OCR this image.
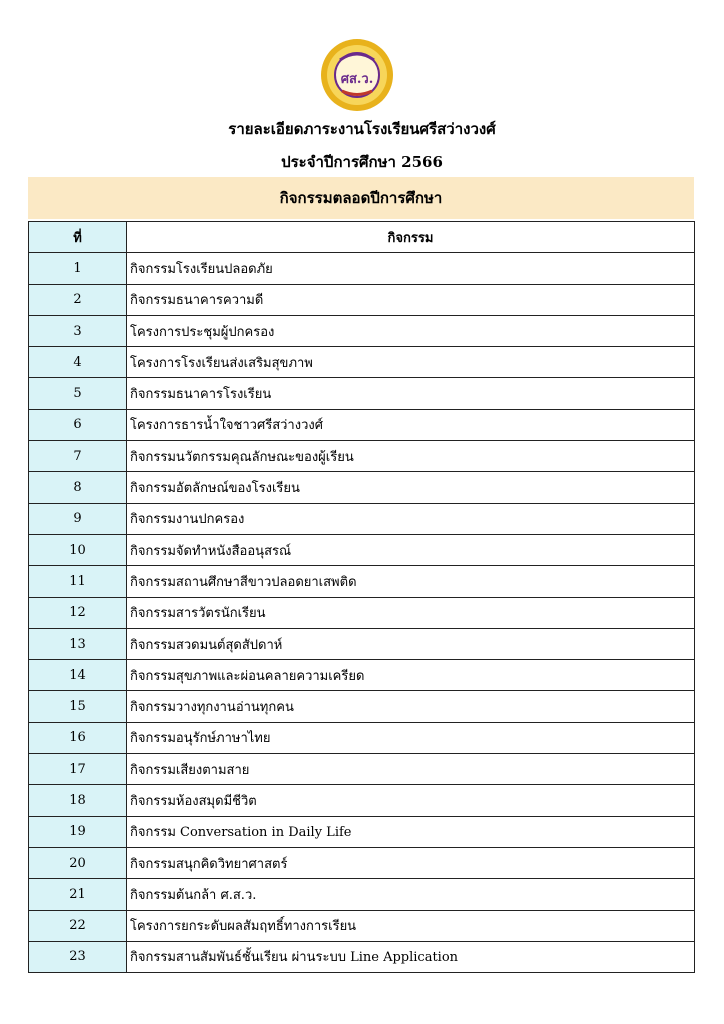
ศส.ว.
รายละเอียดภาระงานโรงเรียนศรีสว่างวงศ์
ประจำปีการศึกษา 2566
กิจกรรมตลอดปีการศึกษา
ที่	กิจกรรม
1	กิจกรรมโรงเรียนปลอดภัย
2	กิจกรรมธนาคารความดี
3	โครงการประชุมผู้ปกครอง
4	โครงการโรงเรียนส่งเสริมสุขภาพ
5	กิจกรรมธนาคารโรงเรียน
6	โครงการธารน้ำใจชาวศรีสว่างวงศ์
7	กิจกรรมนวัตกรรมคุณลักษณะของผู้เรียน
8	กิจกรรมอัตลักษณ์ของโรงเรียน
9	กิจกรรมงานปกครอง
10	กิจกรรมจัดทำหนังสืออนุสรณ์
11	กิจกรรมสถานศึกษาสีขาวปลอดยาเสพติด
12	กิจกรรมสารวัตรนักเรียน
13	กิจกรรมสวดมนต์สุดสัปดาห์
14	กิจกรรมสุขภาพและผ่อนคลายความเครียด
15	กิจกรรมวางทุกงานอ่านทุกคน
16	กิจกรรมอนุรักษ์ภาษาไทย
17	กิจกรรมเสียงตามสาย
18	กิจกรรมห้องสมุดมีชีวิต
19	กิจกรรม Conversation in Daily Life
20	กิจกรรมสนุกคิดวิทยาศาสตร์
21	กิจกรรมต้นกล้า ศ.ส.ว.
22	โครงการยกระดับผลสัมฤทธิ์ทางการเรียน
23	กิจกรรมสานสัมพันธ์ชั้นเรียน ผ่านระบบ Line Application
